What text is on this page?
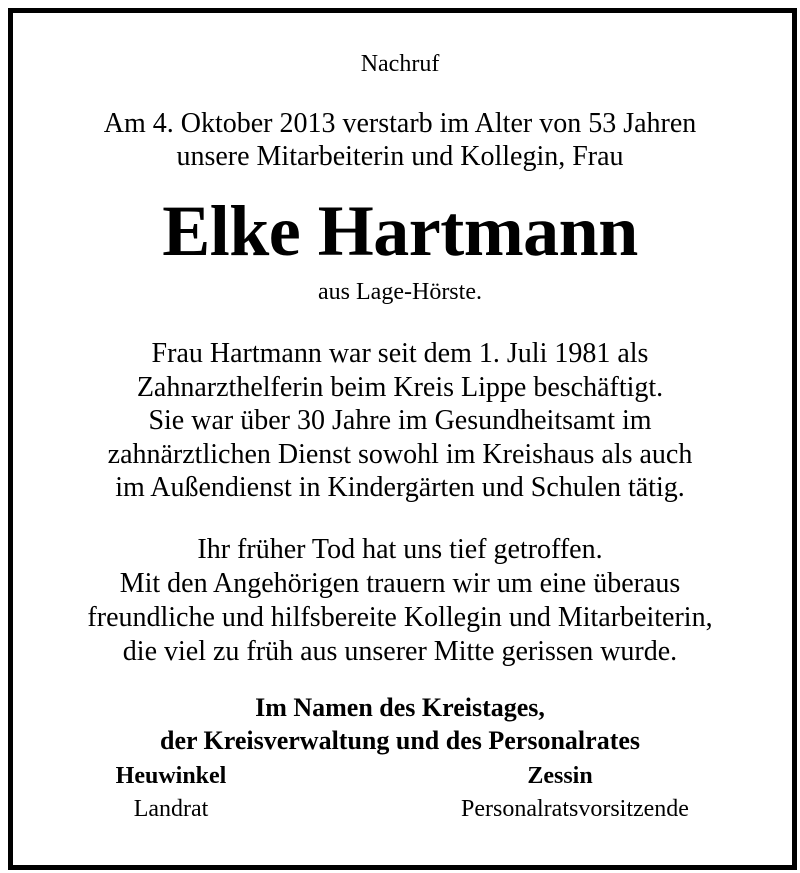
Nachruf
Am 4. Oktober 2013 verstarb im Alter von 53 Jahren
unsere Mitarbeiterin und Kollegin, Frau
Elke Hartmann
aus Lage-Hörste.
Frau Hartmann war seit dem 1. Juli 1981 als
Zahnarzthelferin beim Kreis Lippe beschäftigt.
Sie war über 30 Jahre im Gesundheitsamt im
zahnärztlichen Dienst sowohl im Kreishaus als auch
im Außendienst in Kindergärten und Schulen tätig.
Ihr früher Tod hat uns tief getroffen.
Mit den Angehörigen trauern wir um eine überaus
freundliche und hilfsbereite Kollegin und Mitarbeiterin,
die viel zu früh aus unserer Mitte gerissen wurde.
Im Namen des Kreistages,
der Kreisverwaltung und des Personalrates
Heuwinkel
Landrat
Zessin
Personalratsvorsitzende
